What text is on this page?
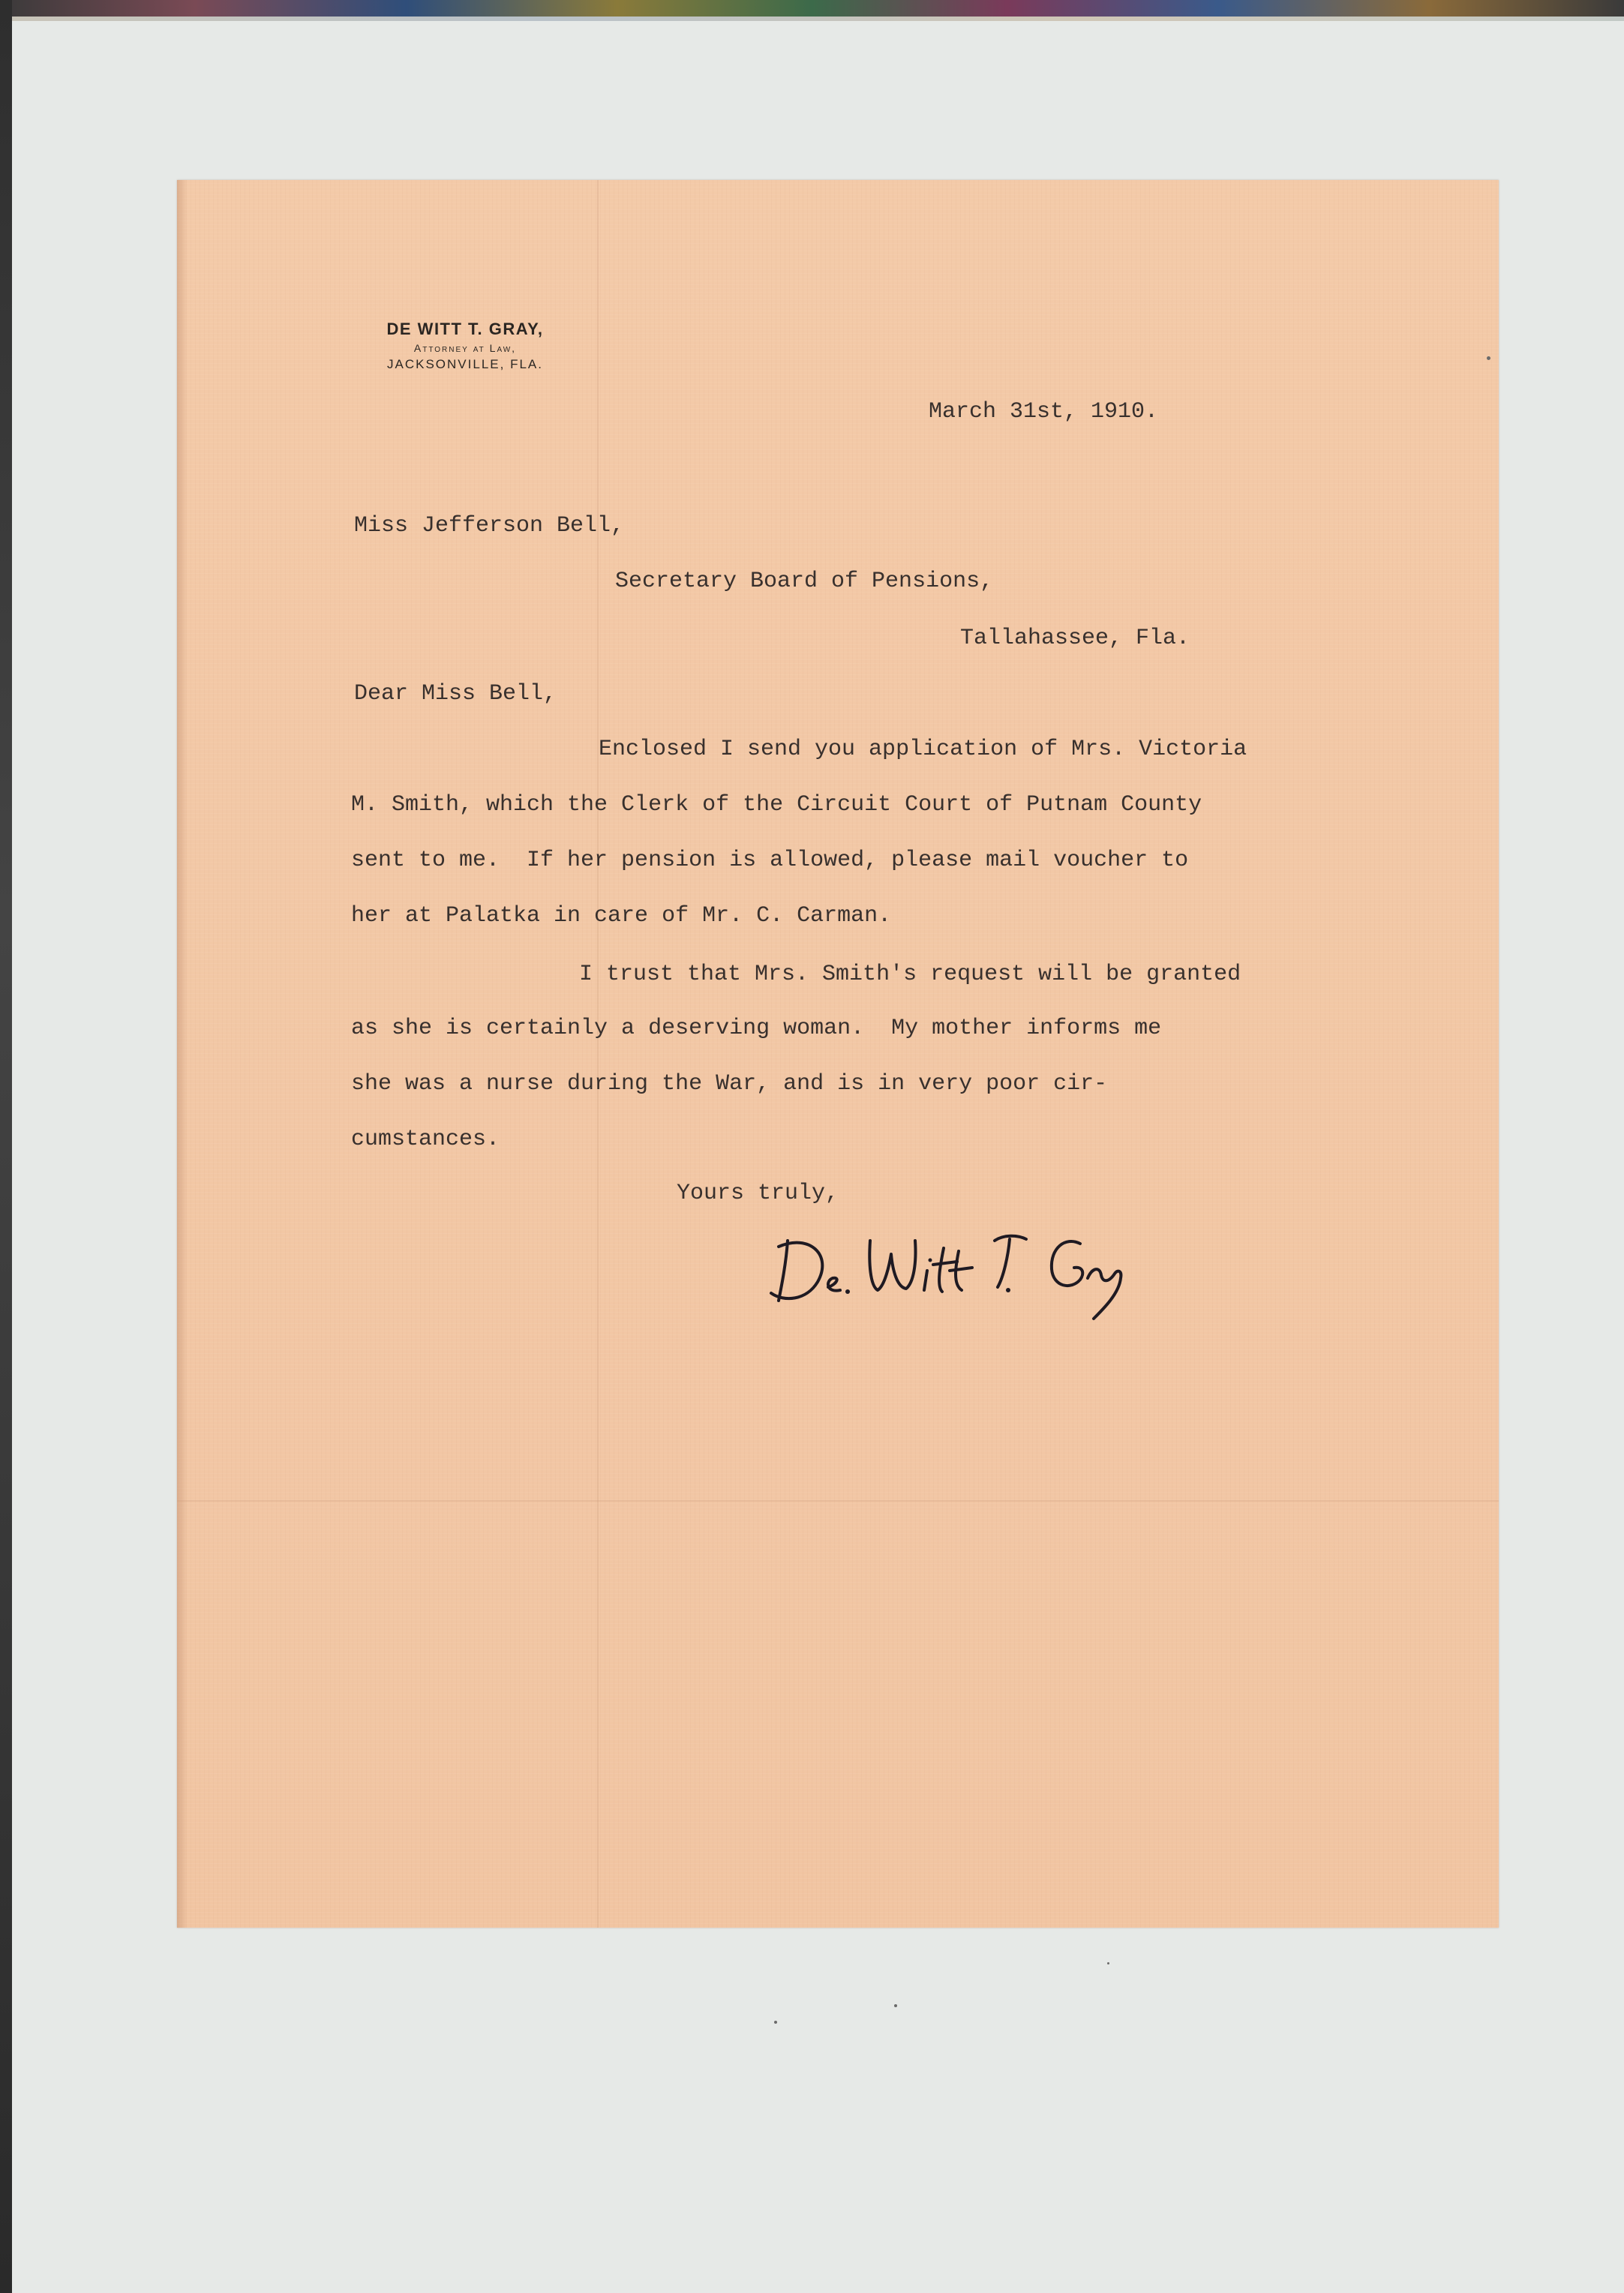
DE WITT T. GRAY,
Attorney at Law,
JACKSONVILLE, FLA.
March 31st, 1910.
Miss Jefferson Bell,
Secretary Board of Pensions,
Tallahassee, Fla.
Dear Miss Bell,
Enclosed I send you application of Mrs. Victoria
M. Smith, which the Clerk of the Circuit Court of Putnam County
sent to me.  If her pension is allowed, please mail voucher to
her at Palatka in care of Mr. C. Carman.
I trust that Mrs. Smith's request will be granted
as she is certainly a deserving woman.  My mother informs me
she was a nurse during the War, and is in very poor cir-
cumstances.
Yours truly,
